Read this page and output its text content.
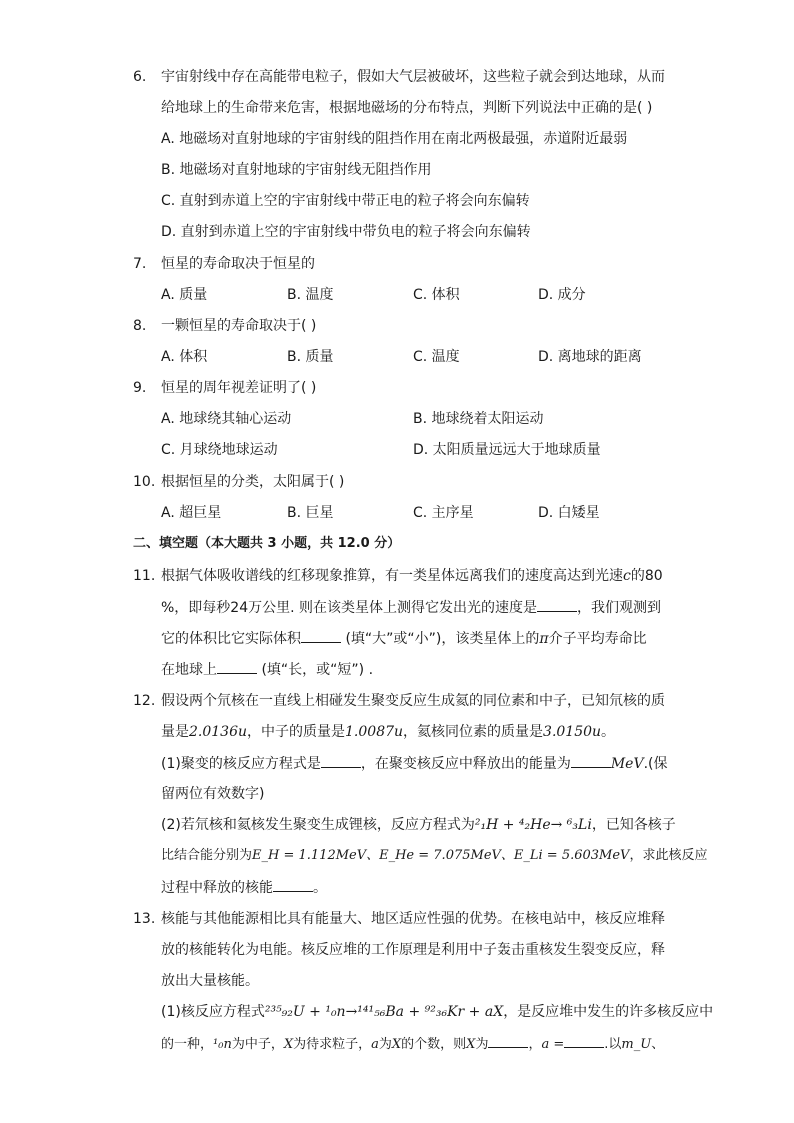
6. 宇宙射线中存在高能带电粒子，假如大气层被破坏，这些粒子就会到达地球，从而
给地球上的生命带来危害，根据地磁场的分布特点，判断下列说法中正确的是( )
A. 地磁场对直射地球的宇宙射线的阻挡作用在南北两极最强，赤道附近最弱
B. 地磁场对直射地球的宇宙射线无阻挡作用
C. 直射到赤道上空的宇宙射线中带正电的粒子将会向东偏转
D. 直射到赤道上空的宇宙射线中带负电的粒子将会向东偏转
7. 恒星的寿命取决于恒星的
A. 质量	B. 温度	C. 体积	D. 成分
8. 一颗恒星的寿命取决于( )
A. 体积	B. 质量	C. 温度	D. 离地球的距离
9. 恒星的周年视差证明了( )
A. 地球绕其轴心运动	B. 地球绕着太阳运动
C. 月球绕地球运动	D. 太阳质量远远大于地球质量
10. 根据恒星的分类，太阳属于( )
A. 超巨星	B. 巨星	C. 主序星	D. 白矮星
二、填空题（本大题共 3 小题，共 12.0 分）
11. 根据气体吸收谱线的红移现象推算，有一类星体远离我们的速度高达到光速c的80
%，即每秒24万公里. 则在该类星体上测得它发出光的速度是	，我们观测到
它的体积比它实际体积	(填“大”或“小”)，该类星体上的π介子平均寿命比
在地球上	(填“长，或“短”) .
12. 假设两个氘核在一直线上相碰发生聚变反应生成氦的同位素和中子，已知氘核的质
量是2.0136u，中子的质量是1.0087u，氦核同位素的质量是3.0150u。
(1)聚变的核反应方程式是	，在聚变核反应中释放出的能量为	MeV.(保
留两位有效数字)
(2)若氘核和氦核发生聚变生成锂核，反应方程式为²₁H + ⁴₂He→ ⁶₃Li，已知各核子
比结合能分别为E_H = 1.112MeV、E_He = 7.075MeV、E_Li = 5.603MeV，求此核反应
过程中释放的核能	。
13. 核能与其他能源相比具有能量大、地区适应性强的优势。在核电站中，核反应堆释
放的核能转化为电能。核反应堆的工作原理是利用中子轰击重核发生裂变反应，释
放出大量核能。
(1)核反应方程式²³⁵₉₂U + ¹₀n→¹⁴¹₅₆Ba + ⁹²₃₆Kr + aX，是反应堆中发生的许多核反应中
的一种，¹₀n为中子，X为待求粒子，a为X的个数，则X为	，a =	.以m_U、
